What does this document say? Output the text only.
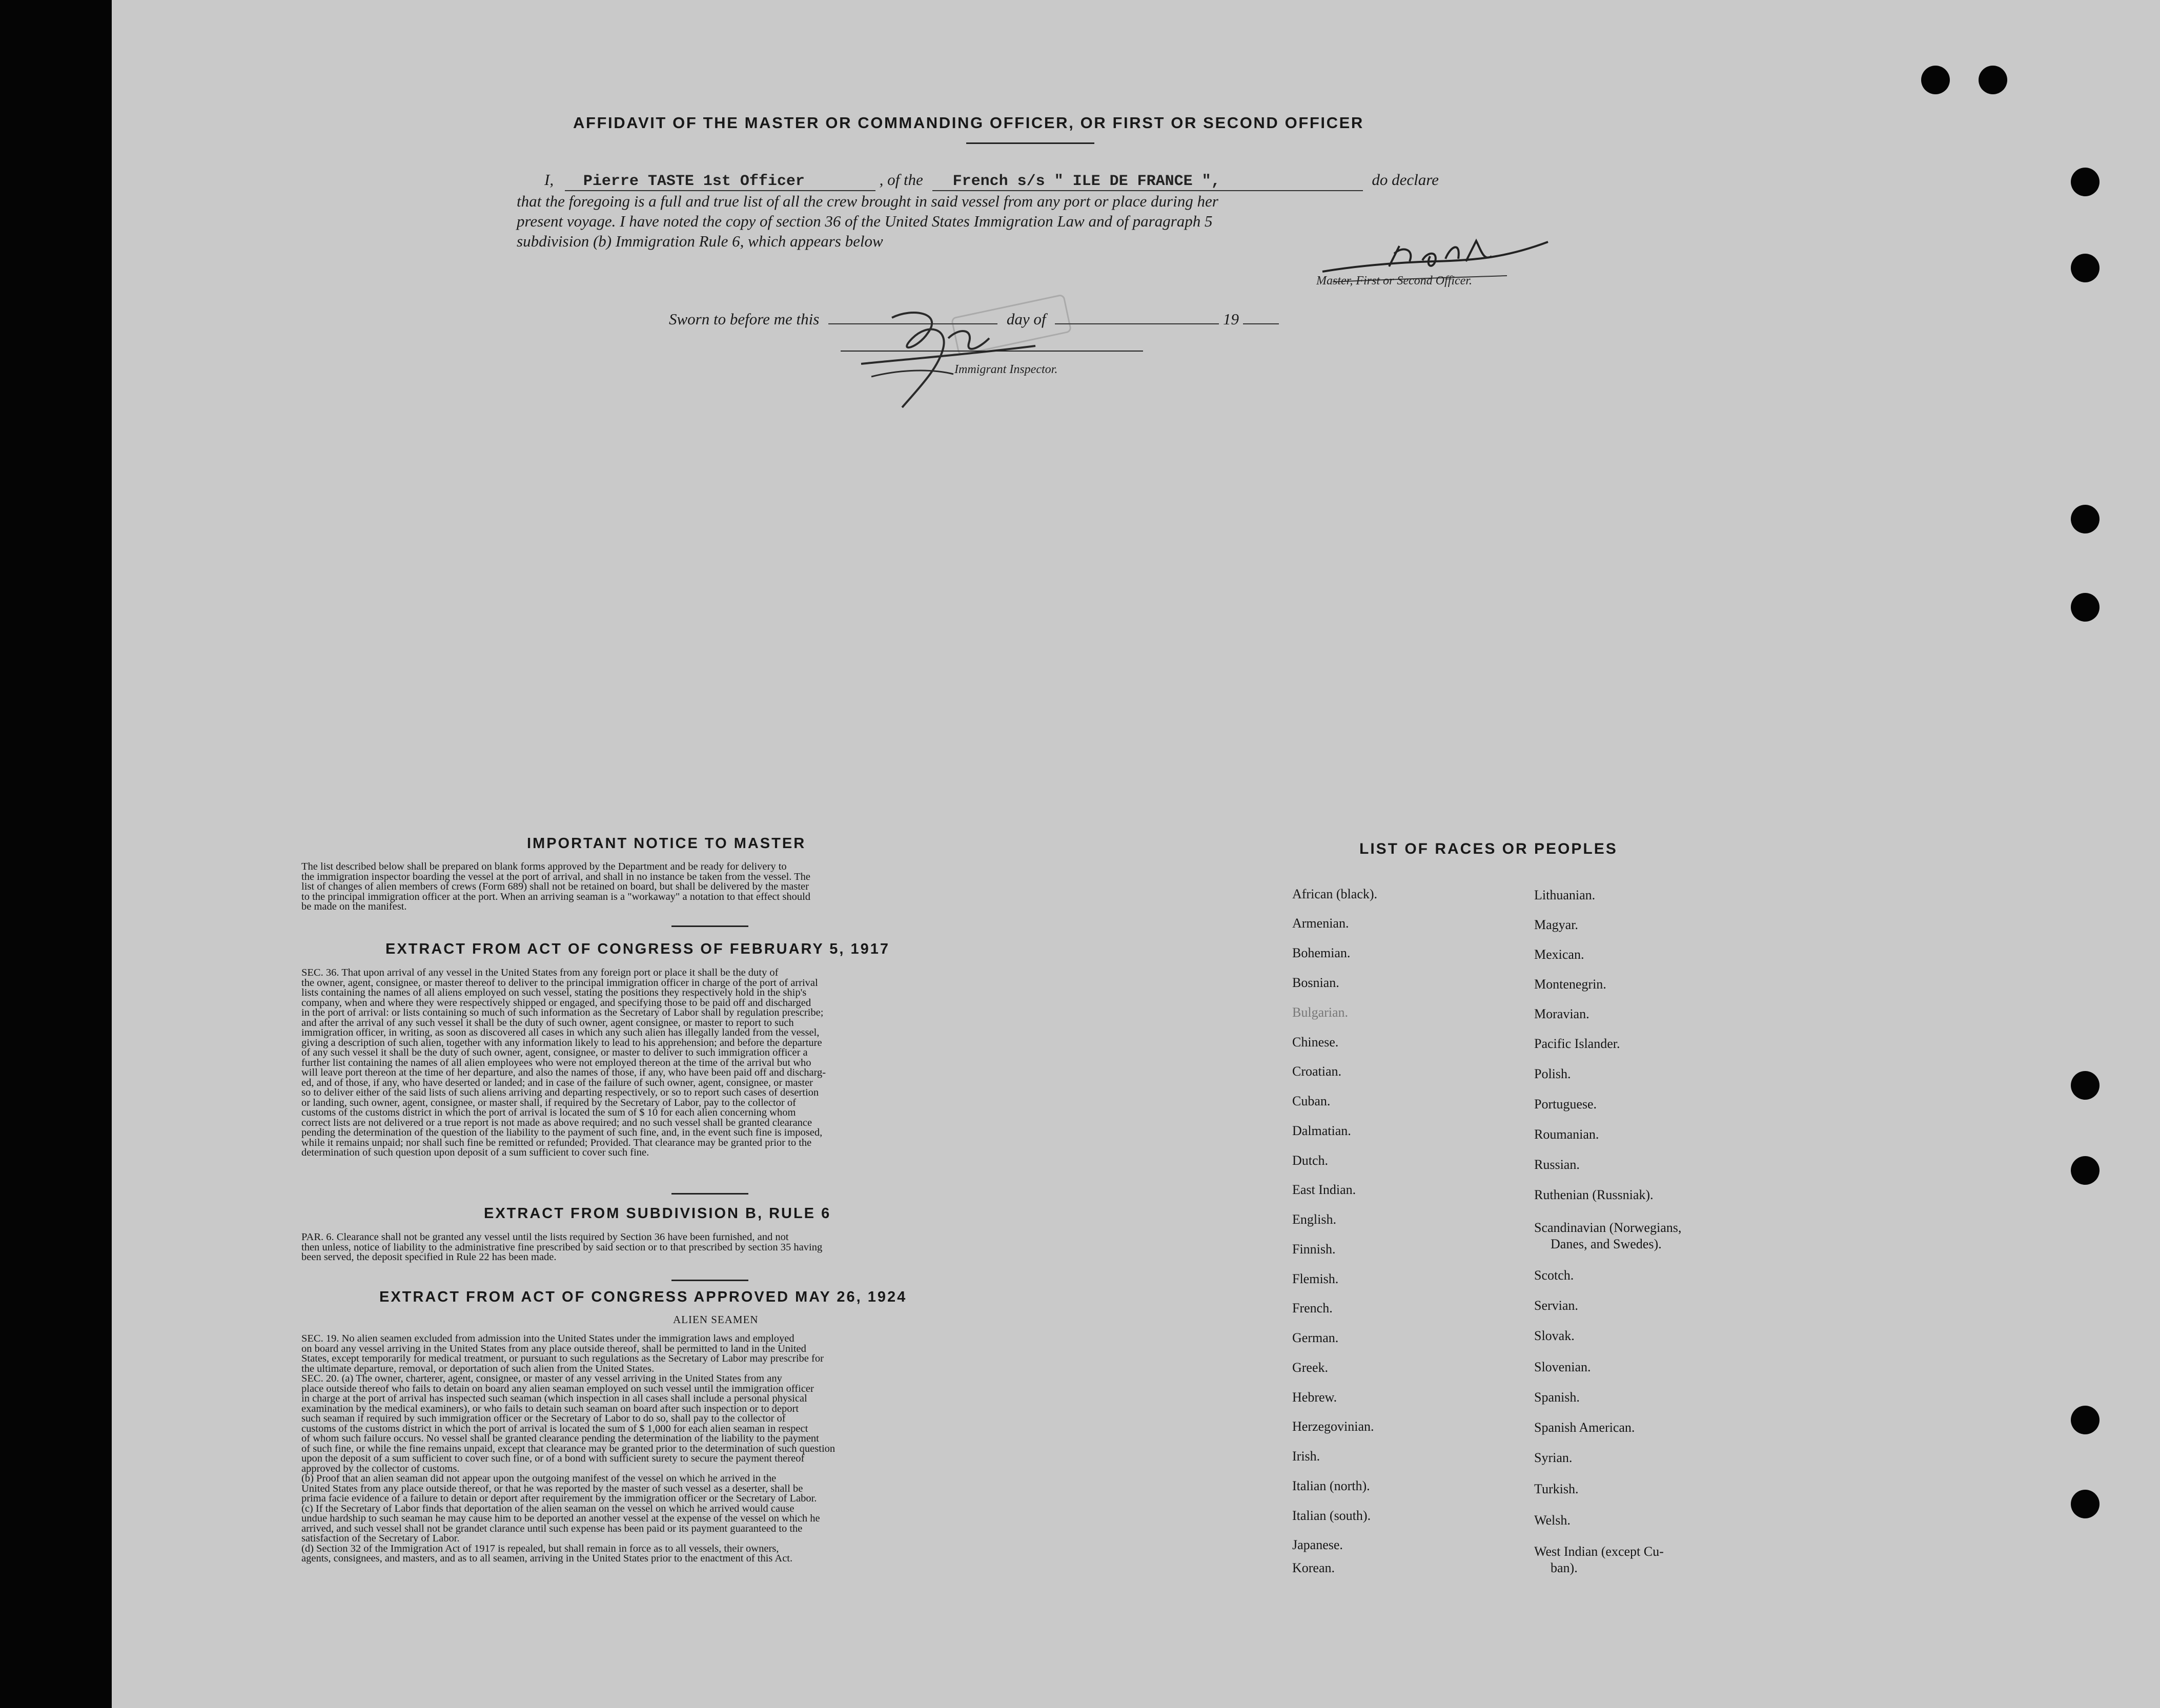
AFFIDAVIT OF THE MASTER OR COMMANDING OFFICER, OR FIRST OR SECOND OFFICER
I, Pierre TASTE 1st Officer	, of the French s/s " ILE DE FRANCE ",	do declare
that the foregoing is a full and true list of all the crew brought in said vessel from any port or place during her
present voyage. I have noted the copy of section 36 of the United States Immigration Law and of paragraph 5
subdivision (b) Immigration Rule 6, which appears below
Master, First or Second Officer.
Sworn to before me this	day of	19
Immigrant Inspector.
IMPORTANT NOTICE TO MASTER
The list described below shall be prepared on blank forms approved by the Department and be ready for delivery to
the immigration inspector boarding the vessel at the port of arrival, and shall in no instance be taken from the vessel. The
list of changes of alien members of crews (Form 689) shall not be retained on board, but shall be delivered by the master
to the principal immigration officer at the port. When an arriving seaman is a "workaway" a notation to that effect should
be made on the manifest.
EXTRACT FROM ACT OF CONGRESS OF FEBRUARY 5, 1917
SEC. 36. That upon arrival of any vessel in the United States from any foreign port or place it shall be the duty of
the owner, agent, consignee, or master thereof to deliver to the principal immigration officer in charge of the port of arrival
lists containing the names of all aliens employed on such vessel, stating the positions they respectively hold in the ship's
company, when and where they were respectively shipped or engaged, and specifying those to be paid off and discharged
in the port of arrival: or lists containing so much of such information as the Secretary of Labor shall by regulation prescribe;
and after the arrival of any such vessel it shall be the duty of such owner, agent consignee, or master to report to such
immigration officer, in writing, as soon as discovered all cases in which any such alien has illegally landed from the vessel,
giving a description of such alien, together with any information likely to lead to his apprehension; and before the departure
of any such vessel it shall be the duty of such owner, agent, consignee, or master to deliver to such immigration officer a
further list containing the names of all alien employees who were not employed thereon at the time of the arrival but who
will leave port thereon at the time of her departure, and also the names of those, if any, who have been paid off and discharg-
ed, and of those, if any, who have deserted or landed; and in case of the failure of such owner, agent, consignee, or master
so to deliver either of the said lists of such aliens arriving and departing respectively, or so to report such cases of desertion
or landing, such owner, agent, consignee, or master shall, if required by the Secretary of Labor, pay to the collector of
customs of the customs district in which the port of arrival is located the sum of $ 10 for each alien concerning whom
correct lists are not delivered or a true report is not made as above required; and no such vessel shall be granted clearance
pending the determination of the question of the liability to the payment of such fine, and, in the event such fine is imposed,
while it remains unpaid; nor shall such fine be remitted or refunded; Provided. That clearance may be granted prior to the
determination of such question upon deposit of a sum sufficient to cover such fine.
EXTRACT FROM SUBDIVISION B, RULE 6
PAR. 6. Clearance shall not be granted any vessel until the lists required by Section 36 have been furnished, and not
then unless, notice of liability to the administrative fine prescribed by said section or to that prescribed by section 35 having
been served, the deposit specified in Rule 22 has been made.
EXTRACT FROM ACT OF CONGRESS APPROVED MAY 26, 1924
ALIEN SEAMEN
SEC. 19. No alien seamen excluded from admission into the United States under the immigration laws and employed
on board any vessel arriving in the United States from any place outside thereof, shall be permitted to land in the United
States, except temporarily for medical treatment, or pursuant to such regulations as the Secretary of Labor may prescribe for
the ultimate departure, removal, or deportation of such alien from the United States.
SEC. 20. (a) The owner, charterer, agent, consignee, or master of any vessel arriving in the United States from any
place outside thereof who fails to detain on board any alien seaman employed on such vessel until the immigration officer
in charge at the port of arrival has inspected such seaman (which inspection in all cases shall include a personal physical
examination by the medical examiners), or who fails to detain such seaman on board after such inspection or to deport
such seaman if required by such immigration officer or the Secretary of Labor to do so, shall pay to the collector of
customs of the customs district in which the port of arrival is located the sum of $ 1,000 for each alien seaman in respect
of whom such failure occurs. No vessel shall be granted clearance pending the determination of the liability to the payment
of such fine, or while the fine remains unpaid, except that clearance may be granted prior to the determination of such question
upon the deposit of a sum sufficient to cover such fine, or of a bond with sufficient surety to secure the payment thereof
approved by the collector of customs.
(b) Proof that an alien seaman did not appear upon the outgoing manifest of the vessel on which he arrived in the
United States from any place outside thereof, or that he was reported by the master of such vessel as a deserter, shall be
prima facie evidence of a failure to detain or deport after requirement by the immigration officer or the Secretary of Labor.
(c) If the Secretary of Labor finds that deportation of the alien seaman on the vessel on which he arrived would cause
undue hardship to such seaman he may cause him to be deported an another vessel at the expense of the vessel on which he
arrived, and such vessel shall not be grandet clarance until such expense has been paid or its payment guaranteed to the
satisfaction of the Secretary of Labor.
(d) Section 32 of the Immigration Act of 1917 is repealed, but shall remain in force as to all vessels, their owners,
agents, consignees, and masters, and as to all seamen, arriving in the United States prior to the enactment of this Act.
LIST OF RACES OR PEOPLES
African (black).
Armenian.
Bohemian.
Bosnian.
Bulgarian.
Chinese.
Croatian.
Cuban.
Dalmatian.
Dutch.
East Indian.
English.
Finnish.
Flemish.
French.
German.
Greek.
Hebrew.
Herzegovinian.
Irish.
Italian (north).
Italian (south).
Japanese.
Korean.
Lithuanian.
Magyar.
Mexican.
Montenegrin.
Moravian.
Pacific Islander.
Polish.
Portuguese.
Roumanian.
Russian.
Ruthenian (Russniak).
Scandinavian (Norwegians,
Danes, and Swedes).
Scotch.
Servian.
Slovak.
Slovenian.
Spanish.
Spanish American.
Syrian.
Turkish.
Welsh.
West Indian (except Cu-
ban).
